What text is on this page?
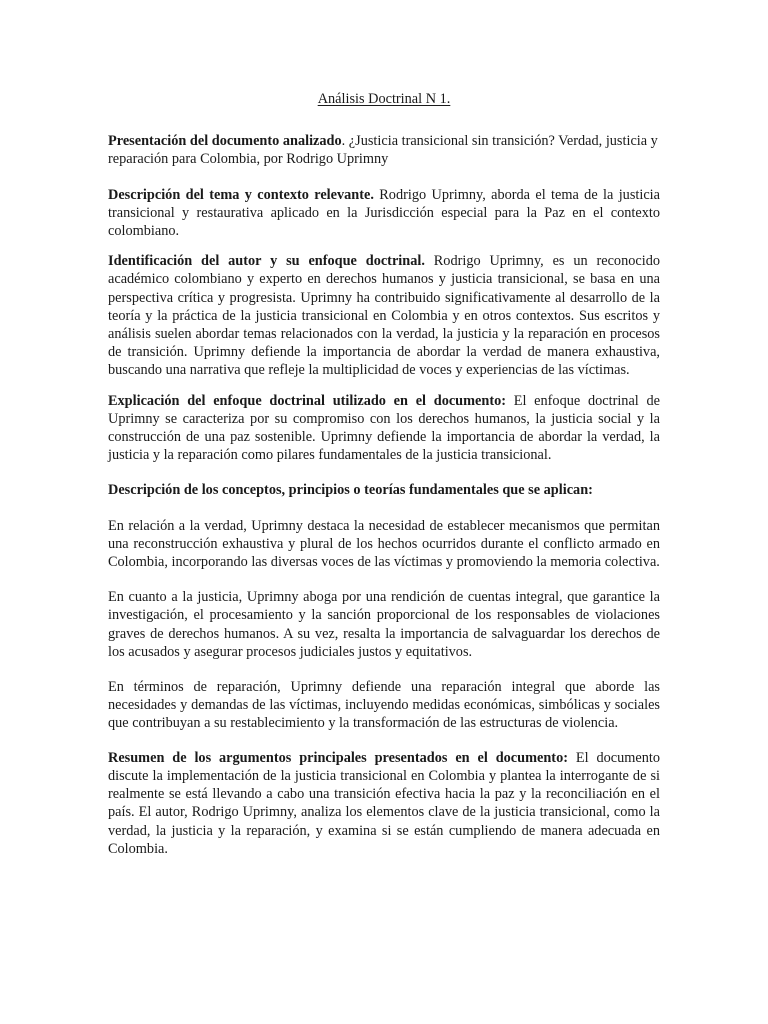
Análisis Doctrinal N 1.

Presentación del documento analizado. ¿Justicia transicional sin transición? Verdad, justicia y reparación para Colombia, por Rodrigo Uprimny

Descripción del tema y contexto relevante. Rodrigo Uprimny, aborda el tema de la justicia transicional y restaurativa aplicado en la Jurisdicción especial para la Paz en el contexto colombiano.

Identificación del autor y su enfoque doctrinal. Rodrigo Uprimny, es un reconocido académico colombiano y experto en derechos humanos y justicia transicional, se basa en una perspectiva crítica y progresista. Uprimny ha contribuido significativamente al desarrollo de la teoría y la práctica de la justicia transicional en Colombia y en otros contextos. Sus escritos y análisis suelen abordar temas relacionados con la verdad, la justicia y la reparación en procesos de transición. Uprimny defiende la importancia de abordar la verdad de manera exhaustiva, buscando una narrativa que refleje la multiplicidad de voces y experiencias de las víctimas.

Explicación del enfoque doctrinal utilizado en el documento: El enfoque doctrinal de Uprimny se caracteriza por su compromiso con los derechos humanos, la justicia social y la construcción de una paz sostenible. Uprimny defiende la importancia de abordar la verdad, la justicia y la reparación como pilares fundamentales de la justicia transicional.

Descripción de los conceptos, principios o teorías fundamentales que se aplican:

En relación a la verdad, Uprimny destaca la necesidad de establecer mecanismos que permitan una reconstrucción exhaustiva y plural de los hechos ocurridos durante el conflicto armado en Colombia, incorporando las diversas voces de las víctimas y promoviendo la memoria colectiva.

En cuanto a la justicia, Uprimny aboga por una rendición de cuentas integral, que garantice la investigación, el procesamiento y la sanción proporcional de los responsables de violaciones graves de derechos humanos. A su vez, resalta la importancia de salvaguardar los derechos de los acusados y asegurar procesos judiciales justos y equitativos.

En términos de reparación, Uprimny defiende una reparación integral que aborde las necesidades y demandas de las víctimas, incluyendo medidas económicas, simbólicas y sociales que contribuyan a su restablecimiento y la transformación de las estructuras de violencia.

Resumen de los argumentos principales presentados en el documento: El documento discute la implementación de la justicia transicional en Colombia y plantea la interrogante de si realmente se está llevando a cabo una transición efectiva hacia la paz y la reconciliación en el país. El autor, Rodrigo Uprimny, analiza los elementos clave de la justicia transicional, como la verdad, la justicia y la reparación, y examina si se están cumpliendo de manera adecuada en Colombia.
